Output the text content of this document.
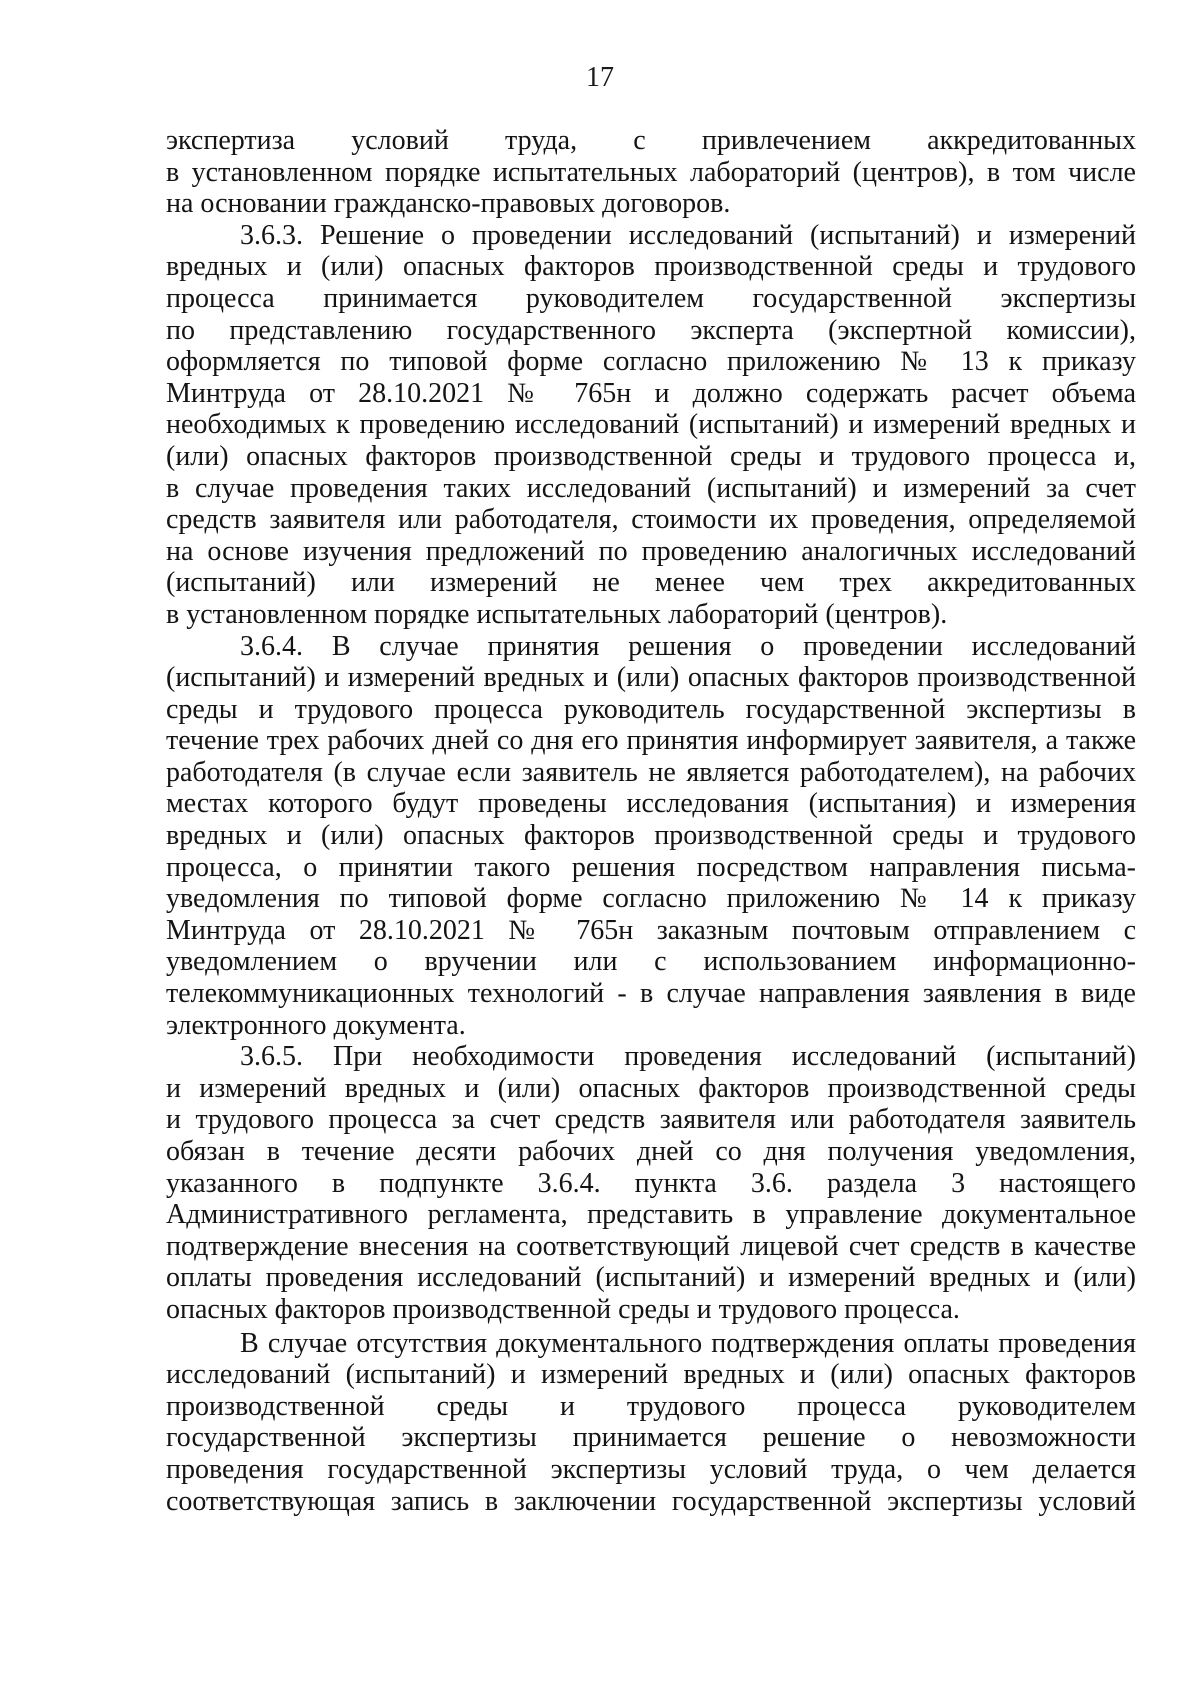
17
экспертиза условий труда, с привлечением аккредитованных
в установленном порядке испытательных лабораторий (центров), в том числе
на основании гражданско-правовых договоров.
3.6.3. Решение о проведении исследований (испытаний) и измерений
вредных и (или) опасных факторов производственной среды и трудового
процесса принимается руководителем государственной экспертизы
по представлению государственного эксперта (экспертной комиссии),
оформляется по типовой форме согласно приложению № 13 к приказу
Минтруда от 28.10.2021 № 765н и должно содержать расчет объема
необходимых к проведению исследований (испытаний) и измерений вредных и
(или) опасных факторов производственной среды и трудового процесса и,
в случае проведения таких исследований (испытаний) и измерений за счет
средств заявителя или работодателя, стоимости их проведения, определяемой
на основе изучения предложений по проведению аналогичных исследований
(испытаний) или измерений не менее чем трех аккредитованных
в установленном порядке испытательных лабораторий (центров).
3.6.4. В случае принятия решения о проведении исследований
(испытаний) и измерений вредных и (или) опасных факторов производственной
среды и трудового процесса руководитель государственной экспертизы в
течение трех рабочих дней со дня его принятия информирует заявителя, а также
работодателя (в случае если заявитель не является работодателем), на рабочих
местах которого будут проведены исследования (испытания) и измерения
вредных и (или) опасных факторов производственной среды и трудового
процесса, о принятии такого решения посредством направления письма-
уведомления по типовой форме согласно приложению № 14 к приказу
Минтруда от 28.10.2021 № 765н заказным почтовым отправлением с
уведомлением о вручении или с использованием информационно-
телекоммуникационных технологий - в случае направления заявления в виде
электронного документа.
3.6.5. При необходимости проведения исследований (испытаний)
и измерений вредных и (или) опасных факторов производственной среды
и трудового процесса за счет средств заявителя или работодателя заявитель
обязан в течение десяти рабочих дней со дня получения уведомления,
указанного в подпункте 3.6.4. пункта 3.6. раздела 3 настоящего
Административного регламента, представить в управление документальное
подтверждение внесения на соответствующий лицевой счет средств в качестве
оплаты проведения исследований (испытаний) и измерений вредных и (или)
опасных факторов производственной среды и трудового процесса.
В случае отсутствия документального подтверждения оплаты проведения
исследований (испытаний) и измерений вредных и (или) опасных факторов
производственной среды и трудового процесса руководителем
государственной экспертизы принимается решение о невозможности
проведения государственной экспертизы условий труда, о чем делается
соответствующая запись в заключении государственной экспертизы условий
